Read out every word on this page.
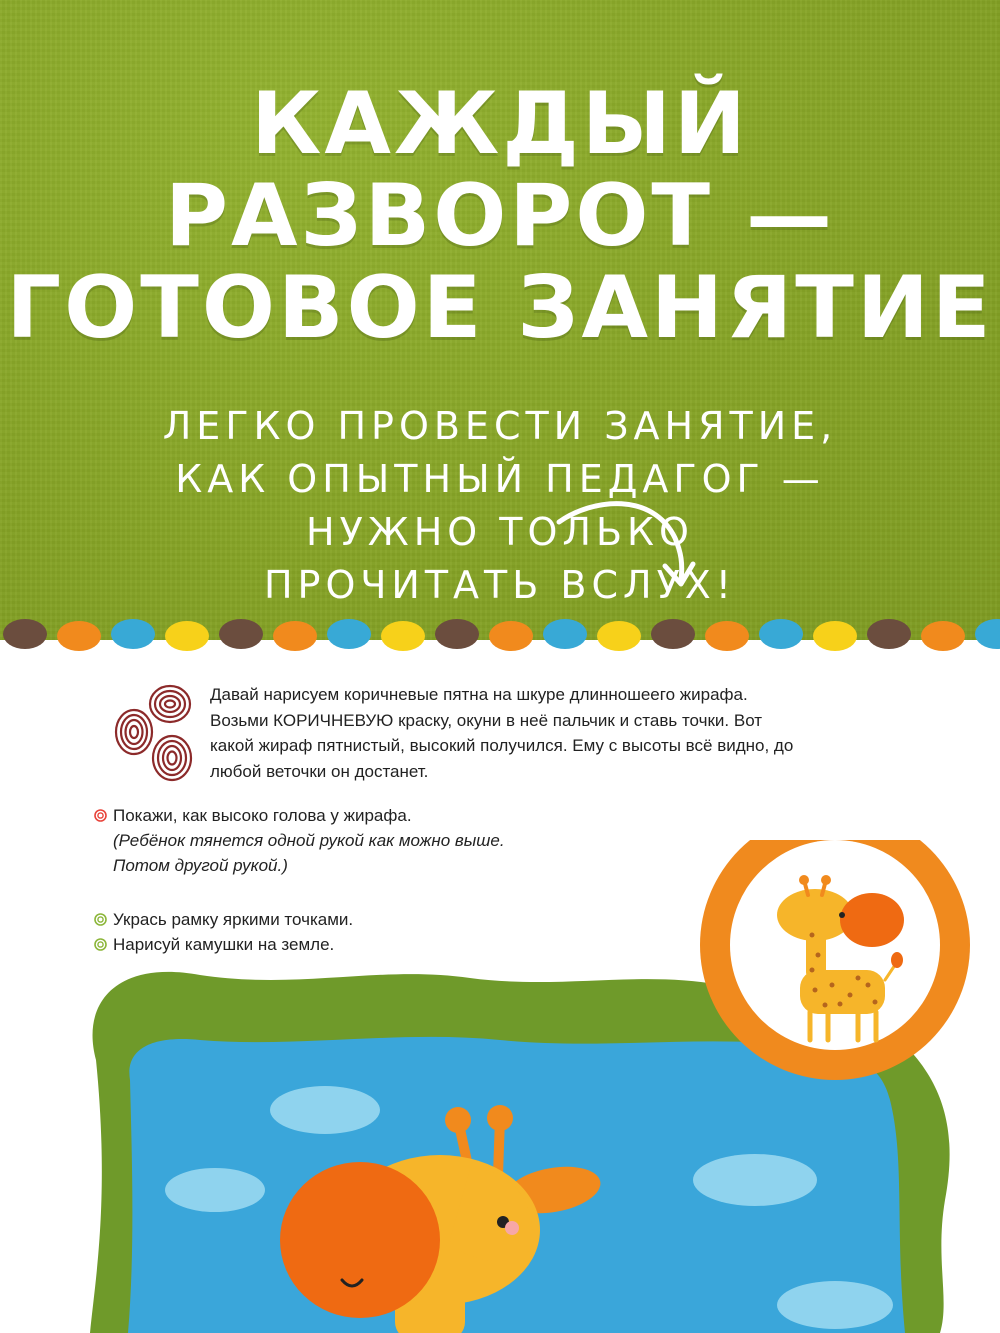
КАЖДЫЙ
РАЗВОРОТ —
ГОТОВОЕ ЗАНЯТИЕ
ЛЕГКО ПРОВЕСТИ ЗАНЯТИЕ,
КАК ОПЫТНЫЙ ПЕДАГОГ —
НУЖНО ТОЛЬКО
ПРОЧИТАТЬ ВСЛУХ!
Давай нарисуем коричневые пятна на шкуре длинношеего жирафа.
Возьми КОРИЧНЕВУЮ краску, окуни в неё пальчик и ставь точки. Вот
какой жираф пятнистый, высокий получился. Ему с высоты всё видно, до
любой веточки он достанет.
Покажи, как высоко голова у жирафа.
(Ребёнок тянется одной рукой как можно выше.
Потом другой рукой.)
Укрась рамку яркими точками.
Нарисуй камушки на земле.
